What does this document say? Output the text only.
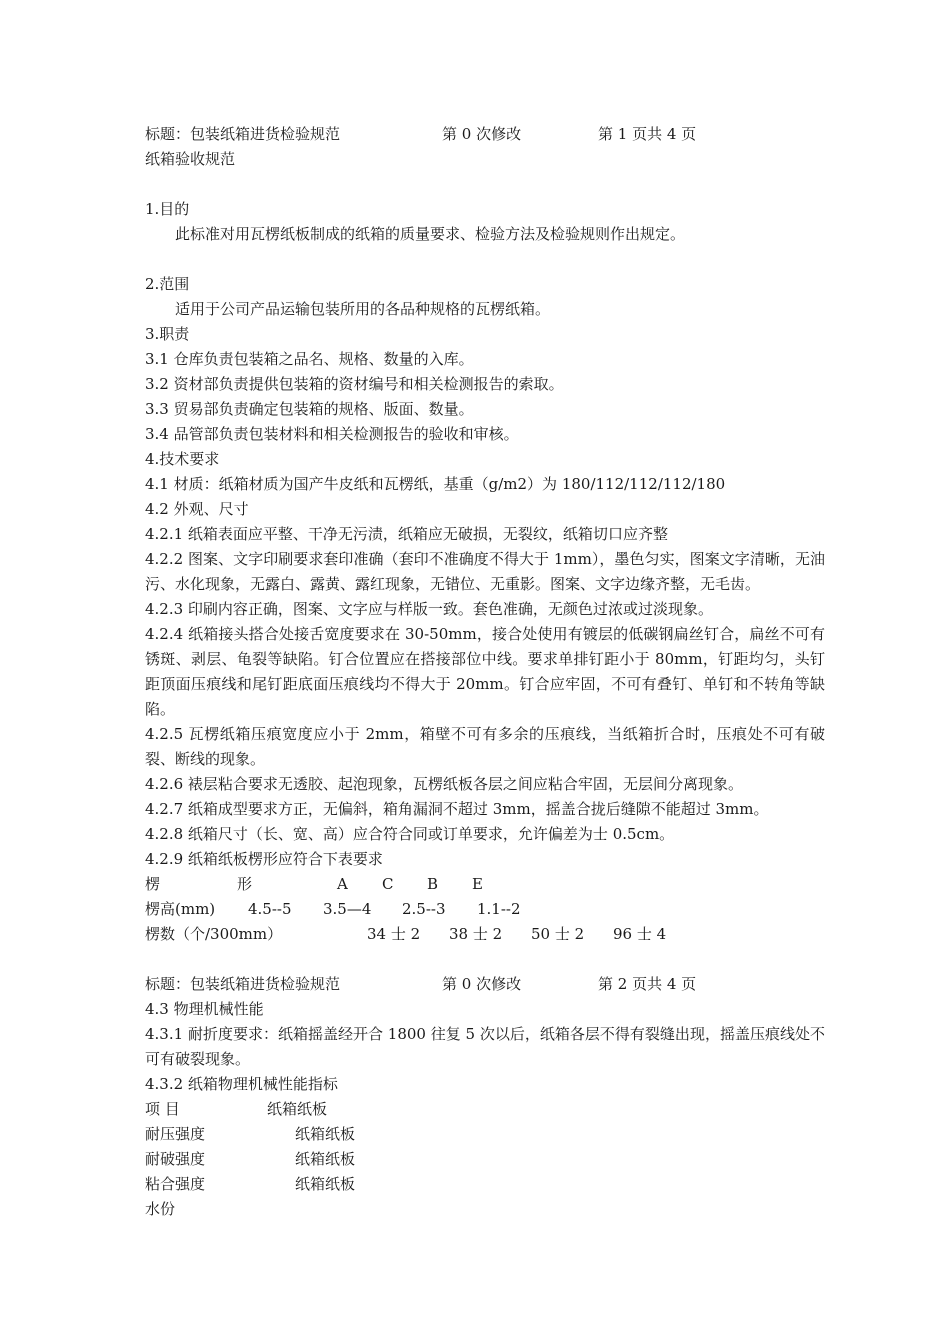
标题：包装纸箱进货检验规范	第 0 次修改	第 1 页共 4 页
纸箱验收规范
1.目的
此标准对用瓦楞纸板制成的纸箱的质量要求、检验方法及检验规则作出规定。
2.范围
适用于公司产品运输包装所用的各品种规格的瓦楞纸箱。
3.职责
3.1 仓库负责包装箱之品名、规格、数量的入库。
3.2 资材部负责提供包装箱的资材编号和相关检测报告的索取。
3.3 贸易部负责确定包装箱的规格、版面、数量。
3.4 品管部负责包装材料和相关检测报告的验收和审核。
4.技术要求
4.1 材质：纸箱材质为国产牛皮纸和瓦楞纸，基重（g/m2）为 180/112/112/112/180
4.2 外观、尺寸
4.2.1 纸箱表面应平整、干净无污渍，纸箱应无破损，无裂纹，纸箱切口应齐整
4.2.2 图案、文字印刷要求套印准确（套印不准确度不得大于 1mm），墨色匀实，图案文字清晰，无油污、水化现象，无露白、露黄、露红现象，无错位、无重影。图案、文字边缘齐整，无毛齿。
4.2.3 印刷内容正确，图案、文字应与样版一致。套色准确，无颜色过浓或过淡现象。
4.2.4 纸箱接头搭合处接舌宽度要求在 30-50mm，接合处使用有镀层的低碳钢扁丝钉合，扁丝不可有锈斑、剥层、龟裂等缺陷。钉合位置应在搭接部位中线。要求单排钉距小于 80mm，钉距均匀，头钉距顶面压痕线和尾钉距底面压痕线均不得大于 20mm。钉合应牢固，不可有叠钉、单钉和不转角等缺陷。
4.2.5 瓦楞纸箱压痕宽度应小于 2mm，箱壁不可有多余的压痕线，当纸箱折合时，压痕处不可有破裂、断线的现象。
4.2.6 裱层粘合要求无透胶、起泡现象，瓦楞纸板各层之间应粘合牢固，无层间分离现象。
4.2.7 纸箱成型要求方正，无偏斜，箱角漏洞不超过 3mm，摇盖合拢后缝隙不能超过 3mm。
4.2.8 纸箱尺寸（长、宽、高）应合符合同或订单要求，允许偏差为士 0.5cm。
4.2.9 纸箱纸板楞形应符合下表要求
楞	形	A C B E
楞高(mm) 4.5--5 3.5—4 2.5--3 1.1--2
楞数（个/300mm）	34 士 2 38 士 2 50 士 2 96 士 4
标题：包装纸箱进货检验规范	第 0 次修改	第 2 页共 4 页
4.3 物理机械性能
4.3.1 耐折度要求：纸箱摇盖经开合 1800 往复 5 次以后，纸箱各层不得有裂缝出现，摇盖压痕线处不可有破裂现象。
4.3.2 纸箱物理机械性能指标
项 目	纸箱纸板
耐压强度	纸箱纸板
耐破强度	纸箱纸板
粘合强度	纸箱纸板
水份
